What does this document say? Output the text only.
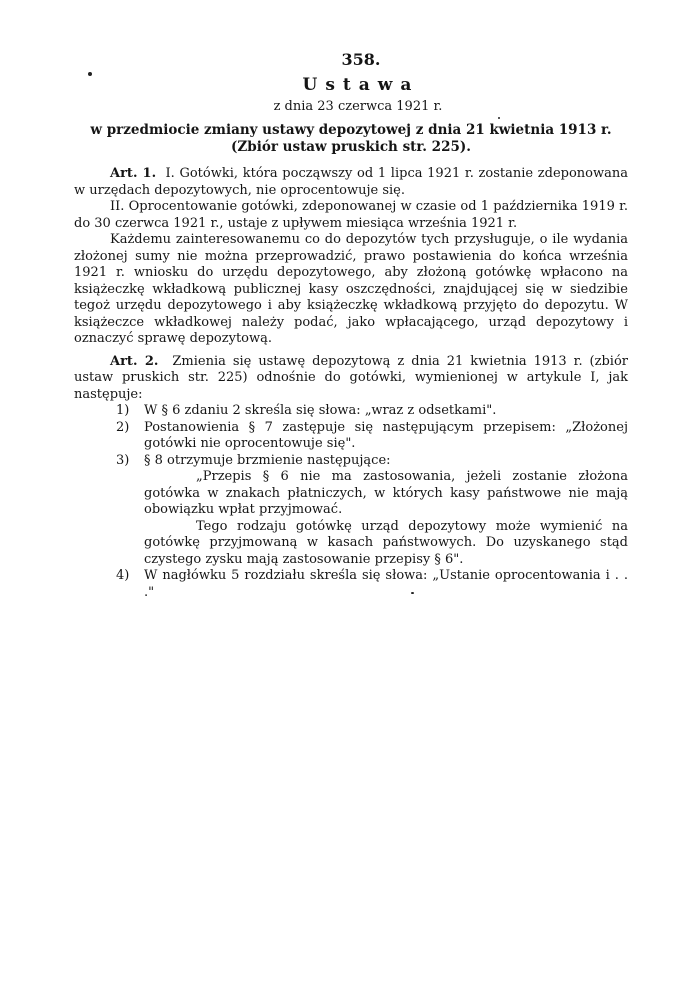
358.
Ustawa
z dnia 23 czerwca 1921 r.
w przedmiocie zmiany ustawy depozytowej z dnia 21 kwietnia 1913 r.
(Zbiór ustaw pruskich str. 225).

Art. 1. I. Gotówki, która począwszy od 1 lipca 1921 r. zostanie zdeponowana w urzędach depozytowych, nie oprocentowuje się.

II. Oprocentowanie gotówki, zdeponowanej w czasie od 1 października 1919 r. do 30 czerwca 1921 r., ustaje z upływem miesiąca września 1921 r.

Każdemu zainteresowanemu co do depozytów tych przysługuje, o ile wydania złożonej sumy nie można przeprowadzić, prawo postawienia do końca września 1921 r. wniosku do urzędu depozytowego, aby złożoną gotówkę wpłacono na książeczkę wkładkową publicznej kasy oszczędności, znajdującej się w siedzibie tegoż urzędu depozytowego i aby książeczkę wkładkową przyjęto do depozytu. W książeczce wkładkowej należy podać, jako wpłacającego, urząd depozytowy i oznaczyć sprawę depozytową.

Art. 2. Zmienia się ustawę depozytową z dnia 21 kwietnia 1913 r. (zbiór ustaw pruskich str. 225) odnośnie do gotówki, wymienionej w artykule I, jak następuje:

1) W § 6 zdaniu 2 skreśla się słowa: „wraz z odsetkami".

2) Postanowienia § 7 zastępuje się następującym przepisem: „Złożonej gotówki nie oprocentowuje się".

3) § 8 otrzymuje brzmienie następujące:

„Przepis § 6 nie ma zastosowania, jeżeli zostanie złożona gotówka w znakach płatniczych, w których kasy państwowe nie mają obowiązku wpłat przyjmować.

Tego rodzaju gotówkę urząd depozytowy może wymienić na gotówkę przyjmowaną w kasach państwowych. Do uzyskanego stąd czystego zysku mają zastosowanie przepisy § 6".

4) W nagłówku 5 rozdziału skreśla się słowa: „Ustanie oprocentowania i . . ."
